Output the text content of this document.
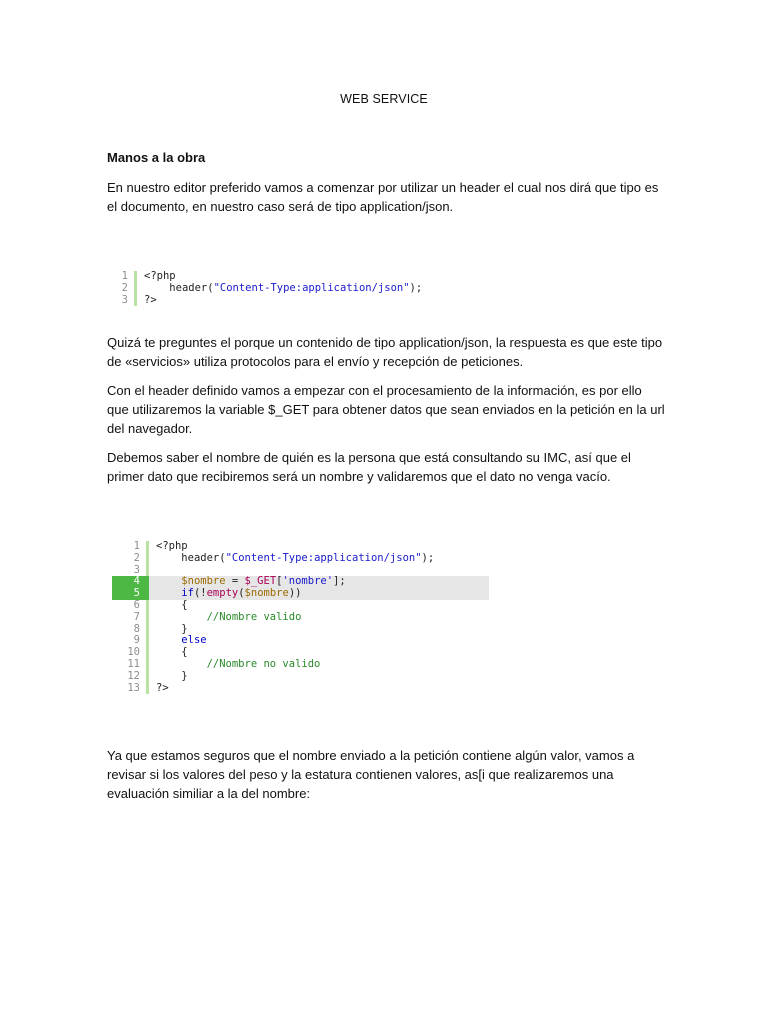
WEB SERVICE
Manos a la obra

En nuestro editor preferido vamos a comenzar por utilizar un header el cual nos dirá que tipo es el documento, en nuestro caso será de tipo application/json.

1 <?php
2	header("Content-Type:application/json");
3 ?>

Quizá te preguntes el porque un contenido de tipo application/json, la respuesta es que este tipo de «servicios» utiliza protocolos para el envío y recepción de peticiones.

Con el header definido vamos a empezar con el procesamiento de la información, es por ello que utilizaremos la variable $_GET para obtener datos que sean enviados en la petición en la url del navegador.

Debemos saber el nombre de quién es la persona que está consultando su IMC, así que el primer dato que recibiremos será un nombre y validaremos que el dato no venga vacío.

1 <?php
2	header("Content-Type:application/json");
3
4	$nombre = $_GET['nombre'];
5	if(!empty($nombre))
6	{
7	//Nombre valido
8	}
9	else
10	{
11	//Nombre no valido
12	}
13 ?>

Ya que estamos seguros que el nombre enviado a la petición contiene algún valor, vamos a revisar si los valores del peso y la estatura contienen valores, as[i que realizaremos una evaluación similiar a la del nombre:
